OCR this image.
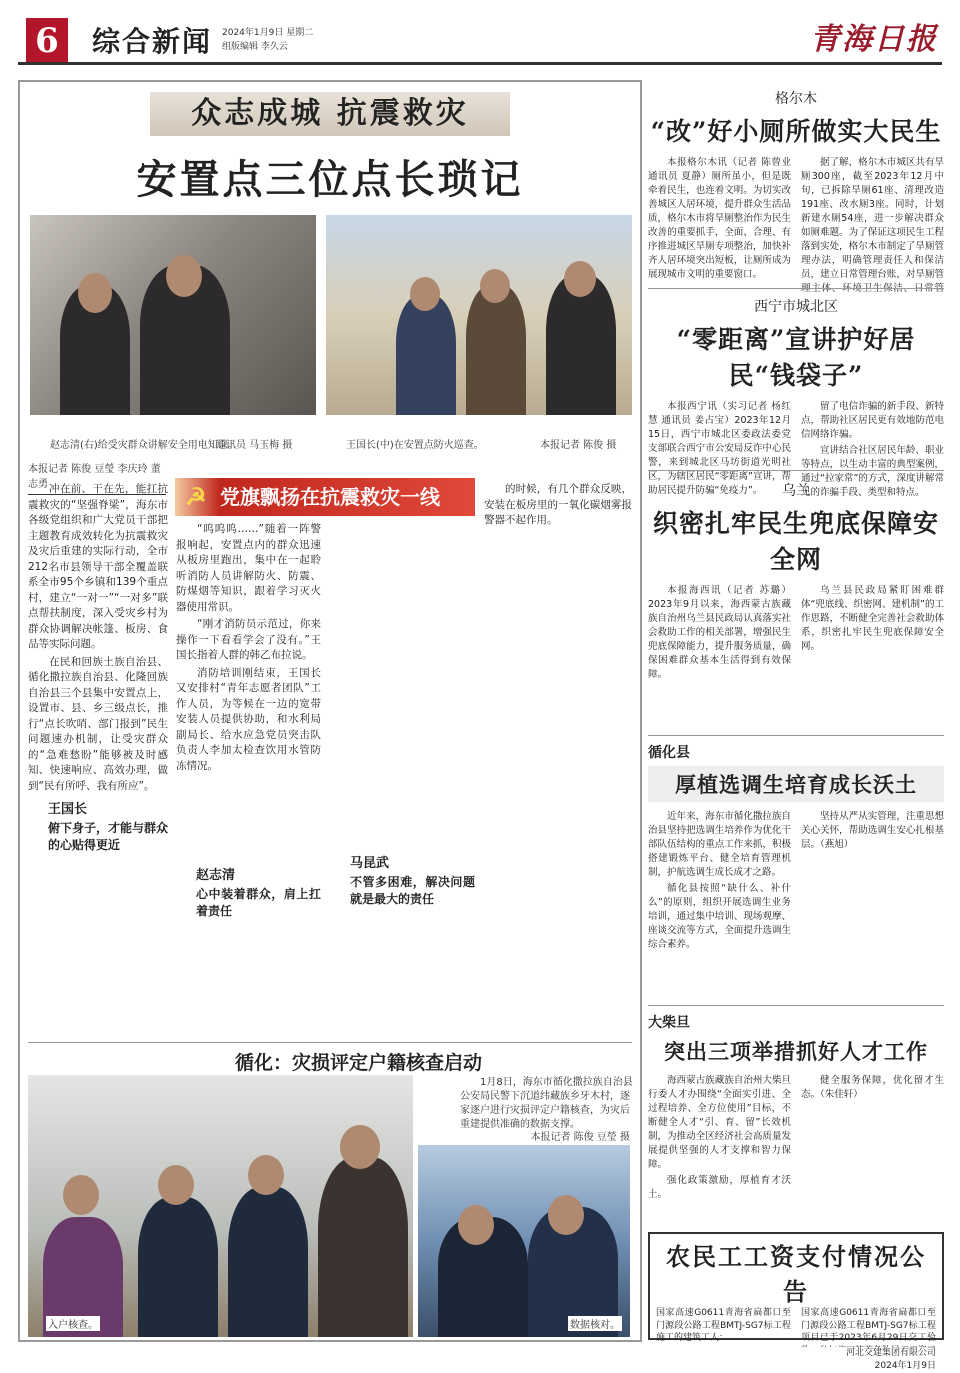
6	综合新闻 2024年1月9日 星期二
组版编辑 李久云	青海日报
众志成城 抗震救灾
安置点三位点长琐记
赵志清(右)给受灾群众讲解安全用电知识。
通讯员 马玉梅 摄	王国长(中)在安置点防火巡查。	本报记者 陈俊 摄
本报记者 陈俊 豆瑩 李庆玲 董志勇	☭ 党旗飘扬在抗震救灾一线

冲在前、干在先，能扛抗震救灾的“坚强脊梁”，海东市各级党组织和广大党员干部把主题教育成效转化为抗震救灾及灾后重建的实际行动，全市212名市县领导干部全覆盖联系全市95个乡镇和139个重点村，建立“一对一”“一对多”联点帮扶制度，深入受灾乡村为群众协调解决帐篷、板房、食品等实际问题。

在民和回族土族自治县、循化撒拉族自治县、化隆回族自治县三个县集中安置点上，设置市、县、乡三级点长，推行“点长吹哨、部门报到”民生问题速办机制，让受灾群众的“急难愁盼”能够被及时感知、快速响应、高效办理，做到“民有所呼、我有所应”。

王国长
俯下身子，才能与群众的心贴得更近

“呜呜呜……”随着一阵警报响起，安置点内的群众迅速从板房里跑出，集中在一起聆听消防人员讲解防火、防震、防煤烟等知识，跟着学习灭火器使用常识。

“刚才消防员示范过，你来操作一下看看学会了没有。”王国长指着人群的韩乙布拉说。

消防培训刚结束，王国长又安排村“青年志愿者团队”工作人员，为等候在一边的宽带安装人员提供协助，和水利局副局长、给水应急党员突击队负责人李加太检查饮用水管防冻情况。

赵志清
心中装着群众，肩上扛着责任
马昆武
不管多困难，解决问题就是最大的责任

的时候，有几个群众反映，安装在板房里的一氧化碳烟雾报警器不起作用。

循化：灾损评定户籍核查启动
1月8日，海东市循化撒拉族自治县公安局民警下沉道纬藏族乡牙木村，逐家逐户进行灾损评定户籍核查，为灾后重建提供准确的数据支撑。
本报记者 陈俊 豆瑩 摄
入户核查。	数据核对。
格尔木
“改”好小厕所做实大民生

本报格尔木讯（记者 陈曾业 通讯员 夏静）厕所虽小，但是既牵着民生，也连着文明。为切实改善城区人居环境，提升群众生活品质，格尔木市将旱厕整治作为民生改善的重要抓手，全面、合理、有序推进城区旱厕专项整治，加快补齐人居环境突出短板，让厕所成为展现城市文明的重要窗口。

据了解，格尔木市城区共有旱厕300座，截至2023年12月中旬，已拆除旱厕61座、清理改造191座、改水厕3座。同时，计划新建水厕54座，进一步解决群众如厕难题。为了保证这项民生工程落到实处，格尔木市制定了旱厕管理办法，明确管理责任人和保洁员，建立日常管理台账，对旱厕管

西宁市城北区
“零距离”宣讲护好居民“钱袋子”

本报西宁讯（实习记者 杨红慧 通讯员 姜占宝）2023年12月15日，西宁市城北区委政法委党支部联合西宁市公安局反诈中心民警，来到城北区马坊街道光明社区，为辖区居民“零距离”宣讲，帮助居民提升防骗“免疫力”。

留了电信诈骗的新手段、新特点，帮助社区居民更有效地防范电信网络诈骗。

宣讲结合社区居民年龄、职业等特点，以生动丰富的典型案例，通过“拉家常”的方式，深度讲解常见的诈骗手段、类型和特点。

乌兰
织密扎牢民生兜底保障安全网

本报海西讯（记者 苏璐）2023年9月以来，海西蒙古族藏族自治州乌兰县民政局认真落实社会救助工作的相关部署，增强民生兜底保障能力，提升服务质量，确保困难群众基本生活得到有效保障。

乌兰县民政局紧盯困难群体“兜底线、织密网、建机制”的工作思路，不断健全完善社会救助体系，织密扎牢民生兜底保障安全网。

循化县
厚植选调生培育成长沃土

近年来，海东市循化撒拉族自治县坚持把选调生培养作为优化干部队伍结构的重点工作来抓，积极搭建锻炼平台、健全培育管理机制，护航选调生成长成才之路。

循化县按照“缺什么、补什么”的原则，组织开展选调生业务培训，通过集中培训、现场观摩、座谈交流等方式，全面提升选调生综合素养。

坚持从严从实管理，注重思想关心关怀，帮助选调生安心扎根基层。（燕旭）

大柴旦
突出三项举措抓好人才工作

海西蒙古族藏族自治州大柴旦行委人才办围绕“全面实引进、全过程培养、全方位使用”目标，不断健全人才“引、育、留”长效机制，为推动全区经济社会高质量发展提供坚强的人才支撑和智力保障。

强化政策激励，厚植育才沃土。

健全服务保障，优化留才生态。（朱佳轩）

农民工工资支付情况公告
国家高速G0611青海省扁都口至门源段公路工程BMTJ-SG7标工程施工的建筑工人：
国家高速G0611青海省扁都口至门源段公路工程BMTJ-SG7标工程项目已于2023年6月29日交工验
河北交建集团有限公司
2024年1月9日
